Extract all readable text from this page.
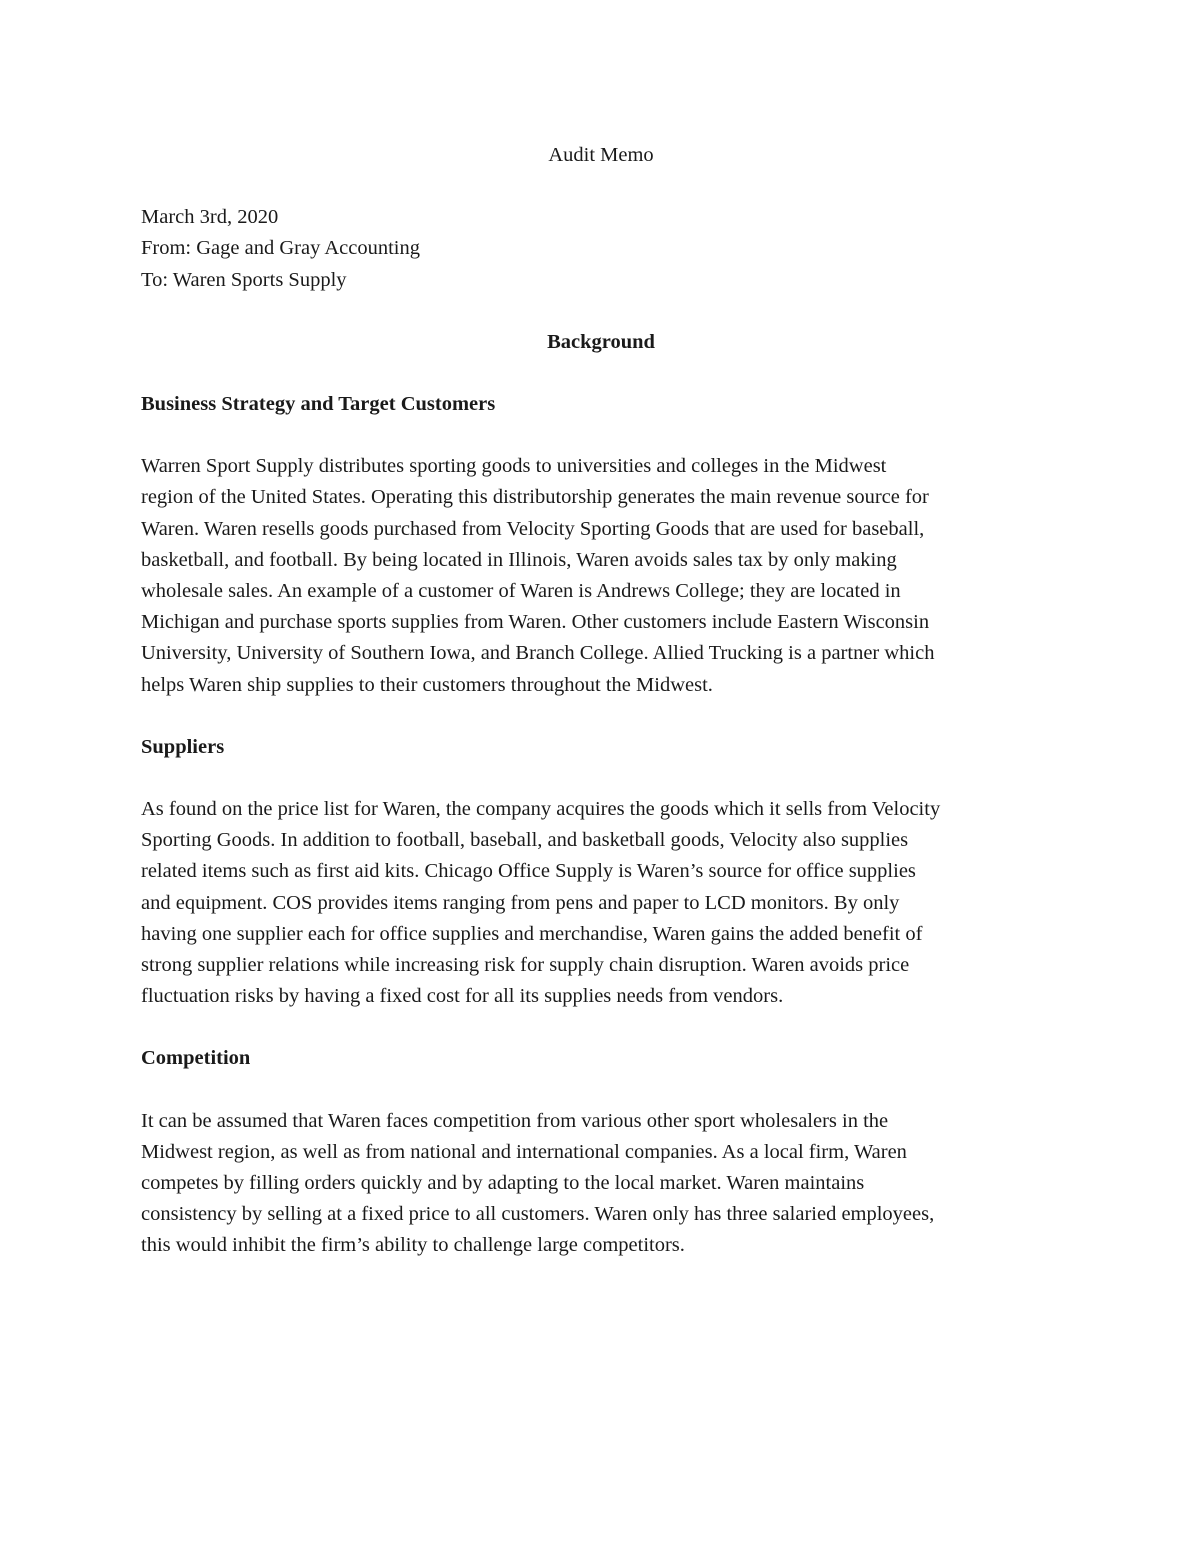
Audit Memo
March 3rd, 2020
From: Gage and Gray Accounting
To: Waren Sports Supply
Background
Business Strategy and Target Customers
Warren Sport Supply distributes sporting goods to universities and colleges in the Midwest
region of the United States. Operating this distributorship generates the main revenue source for
Waren. Waren resells goods purchased from Velocity Sporting Goods that are used for baseball,
basketball, and football. By being located in Illinois, Waren avoids sales tax by only making
wholesale sales. An example of a customer of Waren is Andrews College; they are located in
Michigan and purchase sports supplies from Waren. Other customers include Eastern Wisconsin
University, University of Southern Iowa, and Branch College. Allied Trucking is a partner which
helps Waren ship supplies to their customers throughout the Midwest.
Suppliers
As found on the price list for Waren, the company acquires the goods which it sells from Velocity
Sporting Goods. In addition to football, baseball, and basketball goods, Velocity also supplies
related items such as first aid kits. Chicago Office Supply is Waren’s source for office supplies
and equipment. COS provides items ranging from pens and paper to LCD monitors. By only
having one supplier each for office supplies and merchandise, Waren gains the added benefit of
strong supplier relations while increasing risk for supply chain disruption. Waren avoids price
fluctuation risks by having a fixed cost for all its supplies needs from vendors.
Competition
It can be assumed that Waren faces competition from various other sport wholesalers in the
Midwest region, as well as from national and international companies. As a local firm, Waren
competes by filling orders quickly and by adapting to the local market. Waren maintains
consistency by selling at a fixed price to all customers. Waren only has three salaried employees,
this would inhibit the firm’s ability to challenge large competitors.
